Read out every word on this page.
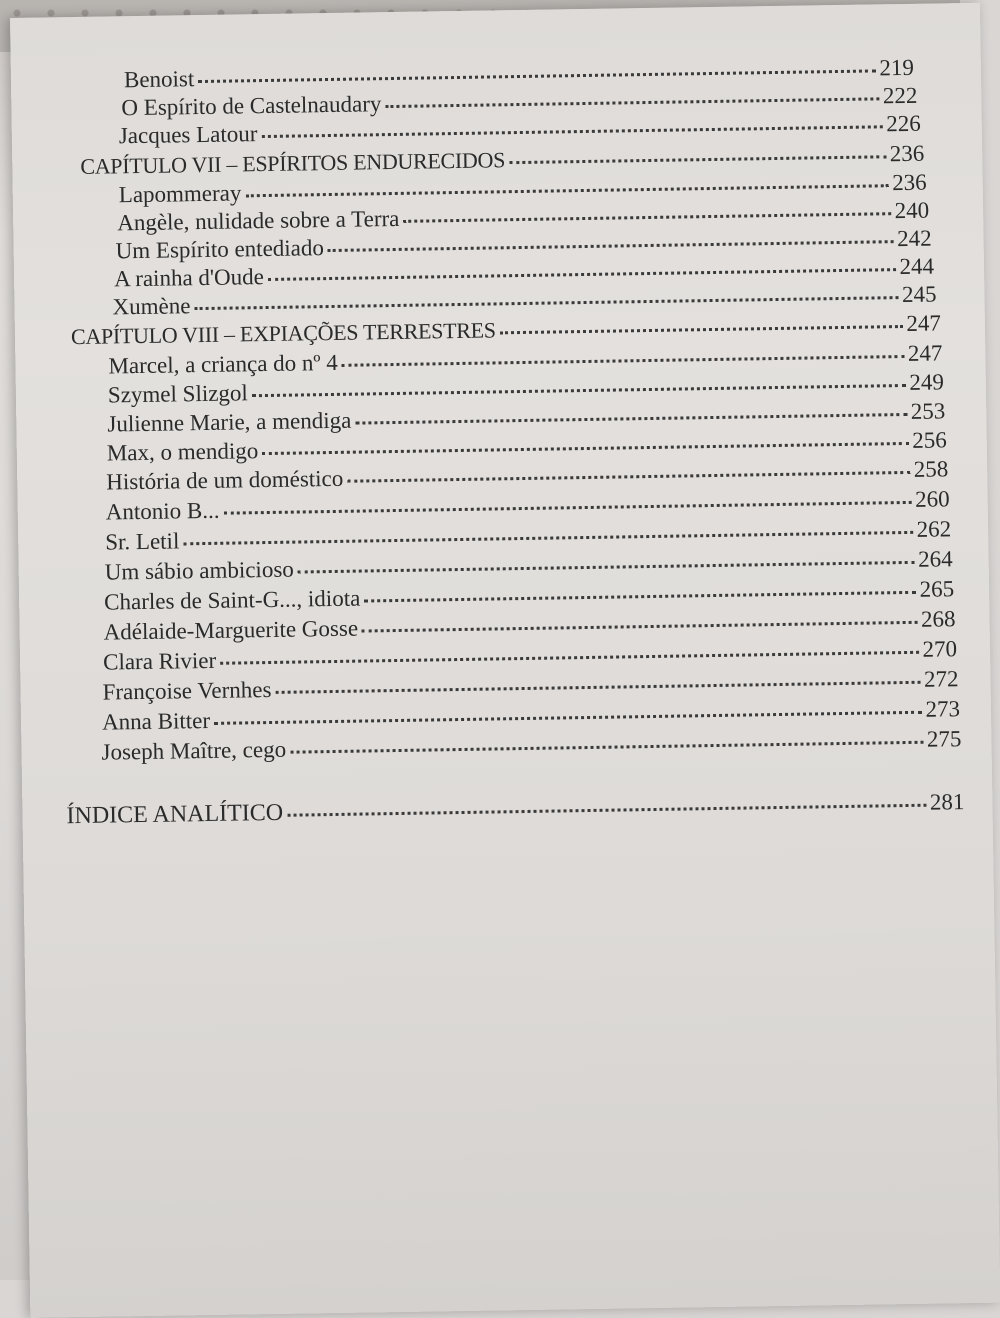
Benoist	219
O Espírito de Castelnaudary	222
Jacques Latour	226
CAPÍTULO VII – ESPÍRITOS ENDURECIDOS	236
Lapommeray	236
Angèle, nulidade sobre a Terra	240
Um Espírito entediado	242
A rainha d'Oude	244
Xumène	245
CAPÍTULO VIII – EXPIAÇÕES TERRESTRES	247
Marcel, a criança do nº 4	247
Szymel Slizgol	249
Julienne Marie, a mendiga	253
Max, o mendigo	256
História de um doméstico	258
Antonio B...	260
Sr. Letil	262
Um sábio ambicioso	264
Charles de Saint-G..., idiota	265
Adélaide-Marguerite Gosse	268
Clara Rivier	270
Françoise Vernhes	272
Anna Bitter	273
Joseph Maître, cego	275
ÍNDICE ANALÍTICO	281
